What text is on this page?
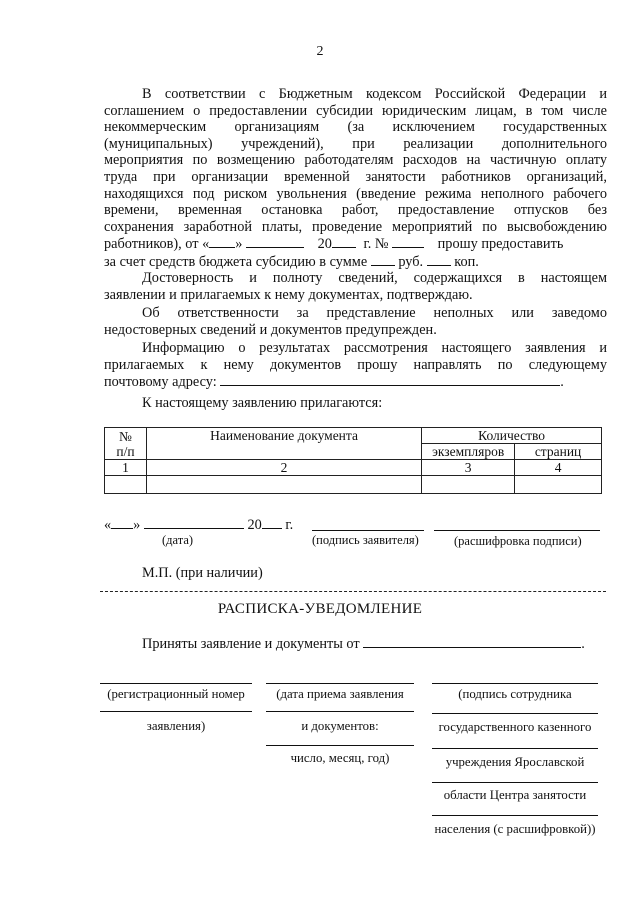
2
В соответствии с Бюджетным кодексом Российской Федерации и
соглашением о предоставлении субсидии юридическим лицам, в том числе
некоммерческим организациям (за исключением государственных
(муниципальных) учреждений), при реализации дополнительного
мероприятия по возмещению работодателям расходов на частичную оплату
труда при организации временной занятости работников организаций,
находящихся под риском увольнения (введение режима неполного рабочего
времени, временная остановка работ, предоставление отпусков без
сохранения заработной платы, проведение мероприятий по высвобождению
работников), от « »	20 г. №	прошу предоставить
за счет средств бюджета субсидию в сумме руб. коп.
Достоверность и полноту сведений, содержащихся в настоящем
заявлении и прилагаемых к нему документах, подтверждаю.
Об ответственности за представление неполных или заведомо
недостоверных сведений и документов предупрежден.
Информацию о результатах рассмотрения настоящего заявления и
прилагаемых к нему документов прошу направлять по следующему
почтовому адресу:	.
К настоящему заявлению прилагаются:
№
п/п	Наименование документа	Количество	
		экземпляров	страниц
1	2	3	4

« »	20 г.
(дата)	(подпись заявителя)	(расшифровка подписи)
М.П. (при наличии)
РАСПИСКА-УВЕДОМЛЕНИЕ
Приняты заявление и документы от	.
(регистрационный номер
заявления)
(дата приема заявления
и документов:
число, месяц, год)
(подпись сотрудника
государственного казенного
учреждения Ярославской
области Центра занятости
населения (с расшифровкой))
